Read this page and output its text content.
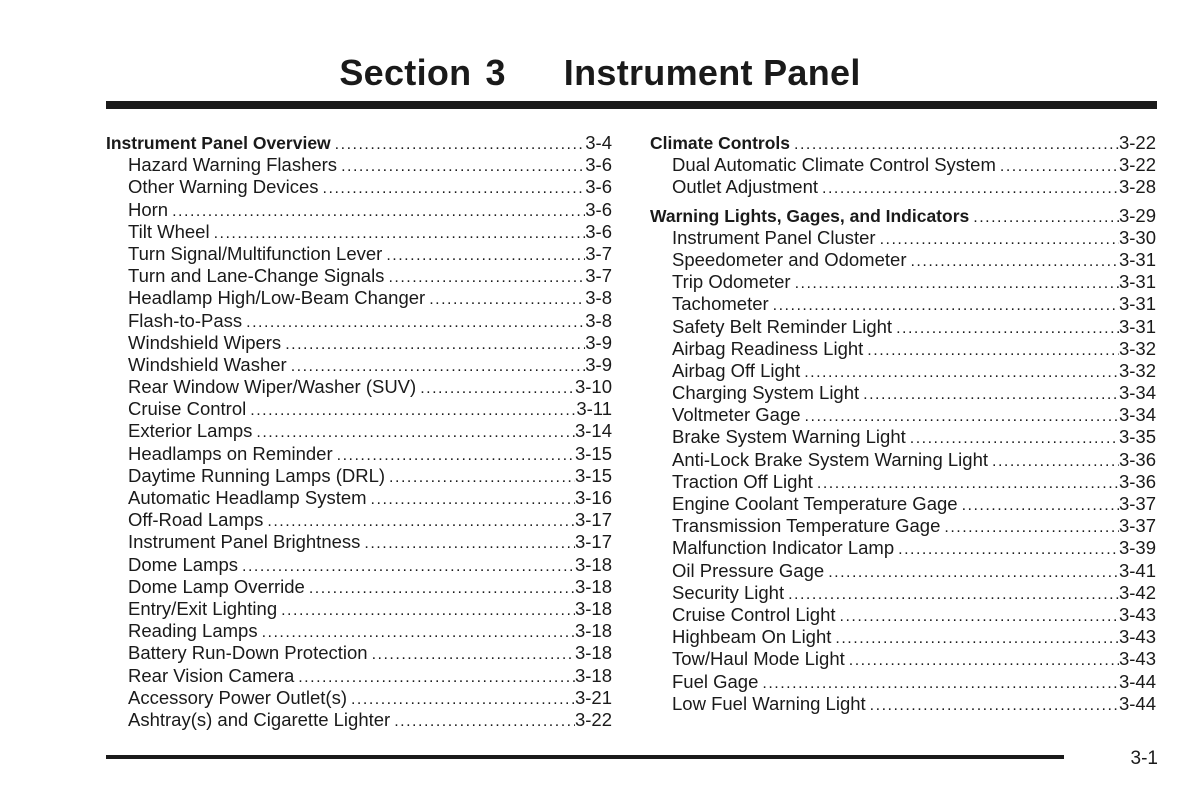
Section 3 Instrument Panel
Instrument Panel Overview .....	3-4
Hazard Warning Flashers .....	3-6
Other Warning Devices .....	3-6
Horn .....	3-6
Tilt Wheel .....	3-6
Turn Signal/Multifunction Lever .....	3-7
Turn and Lane-Change Signals .....	3-7
Headlamp High/Low-Beam Changer .....	3-8
Flash-to-Pass .....	3-8
Windshield Wipers .....	3-9
Windshield Washer .....	3-9
Rear Window Wiper/Washer (SUV) .....	3-10
Cruise Control .....	3-11
Exterior Lamps .....	3-14
Headlamps on Reminder .....	3-15
Daytime Running Lamps (DRL) .....	3-15
Automatic Headlamp System .....	3-16
Off-Road Lamps .....	3-17
Instrument Panel Brightness .....	3-17
Dome Lamps .....	3-18
Dome Lamp Override .....	3-18
Entry/Exit Lighting .....	3-18
Reading Lamps .....	3-18
Battery Run-Down Protection .....	3-18
Rear Vision Camera .....	3-18
Accessory Power Outlet(s) .....	3-21
Ashtray(s) and Cigarette Lighter .....	3-22
Climate Controls .....	3-22
Dual Automatic Climate Control System .....	3-22
Outlet Adjustment .....	3-28
Warning Lights, Gages, and Indicators .....	3-29
Instrument Panel Cluster .....	3-30
Speedometer and Odometer .....	3-31
Trip Odometer .....	3-31
Tachometer .....	3-31
Safety Belt Reminder Light .....	3-31
Airbag Readiness Light .....	3-32
Airbag Off Light .....	3-32
Charging System Light .....	3-34
Voltmeter Gage .....	3-34
Brake System Warning Light .....	3-35
Anti-Lock Brake System Warning Light .....	3-36
Traction Off Light .....	3-36
Engine Coolant Temperature Gage .....	3-37
Transmission Temperature Gage .....	3-37
Malfunction Indicator Lamp .....	3-39
Oil Pressure Gage .....	3-41
Security Light .....	3-42
Cruise Control Light .....	3-43
Highbeam On Light .....	3-43
Tow/Haul Mode Light .....	3-43
Fuel Gage .....	3-44
Low Fuel Warning Light .....	3-44
3-1
